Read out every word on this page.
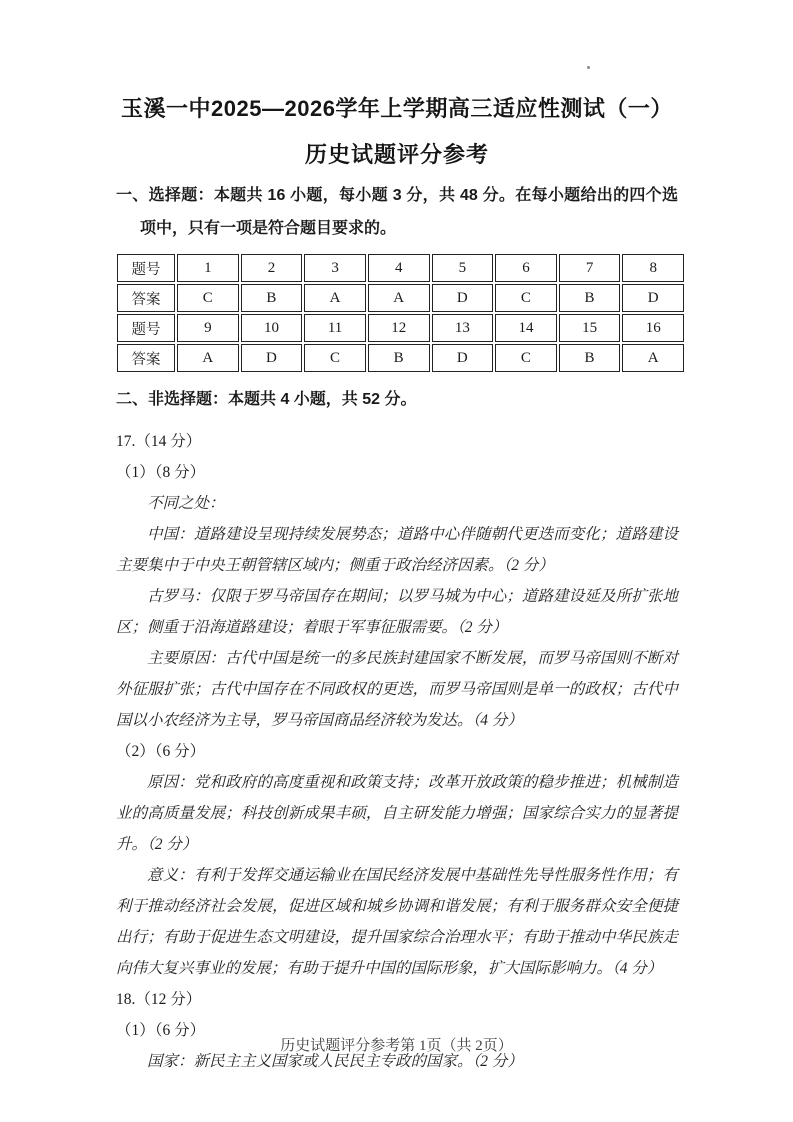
玉溪一中2025—2026学年上学期高三适应性测试（一）
历史试题评分参考

一、选择题：本题共 16 小题，每小题 3 分，共 48 分。在每小题给出的四个选项中，只有一项是符合题目要求的。

题号	1	2	3	4	5	6	7	8
答案	C	B	A	A	D	C	B	D
题号	9	10	11	12	13	14	15	16
答案	A	D	C	B	D	C	B	A

二、非选择题：本题共 4 小题，共 52 分。

17.（14 分）

（1）（8 分）

不同之处：

中国：道路建设呈现持续发展势态；道路中心伴随朝代更迭而变化；道路建设主要集中于中央王朝管辖区域内；侧重于政治经济因素。（2 分）

古罗马：仅限于罗马帝国存在期间；以罗马城为中心；道路建设延及所扩张地区；侧重于沿海道路建设；着眼于军事征服需要。（2 分）

主要原因：古代中国是统一的多民族封建国家不断发展，而罗马帝国则不断对外征服扩张；古代中国存在不同政权的更迭，而罗马帝国则是单一的政权；古代中国以小农经济为主导，罗马帝国商品经济较为发达。（4 分）

（2）（6 分）

原因：党和政府的高度重视和政策支持；改革开放政策的稳步推进；机械制造业的高质量发展；科技创新成果丰硕，自主研发能力增强；国家综合实力的显著提升。（2 分）

意义：有利于发挥交通运输业在国民经济发展中基础性先导性服务性作用；有利于推动经济社会发展，促进区域和城乡协调和谐发展；有利于服务群众安全便捷出行；有助于促进生态文明建设，提升国家综合治理水平；有助于推动中华民族走向伟大复兴事业的发展；有助于提升中国的国际形象，扩大国际影响力。（4 分）

18.（12 分）

（1）（6 分）

国家：新民主主义国家或人民民主专政的国家。（2 分）

历史试题评分参考第 1页（共 2页）
